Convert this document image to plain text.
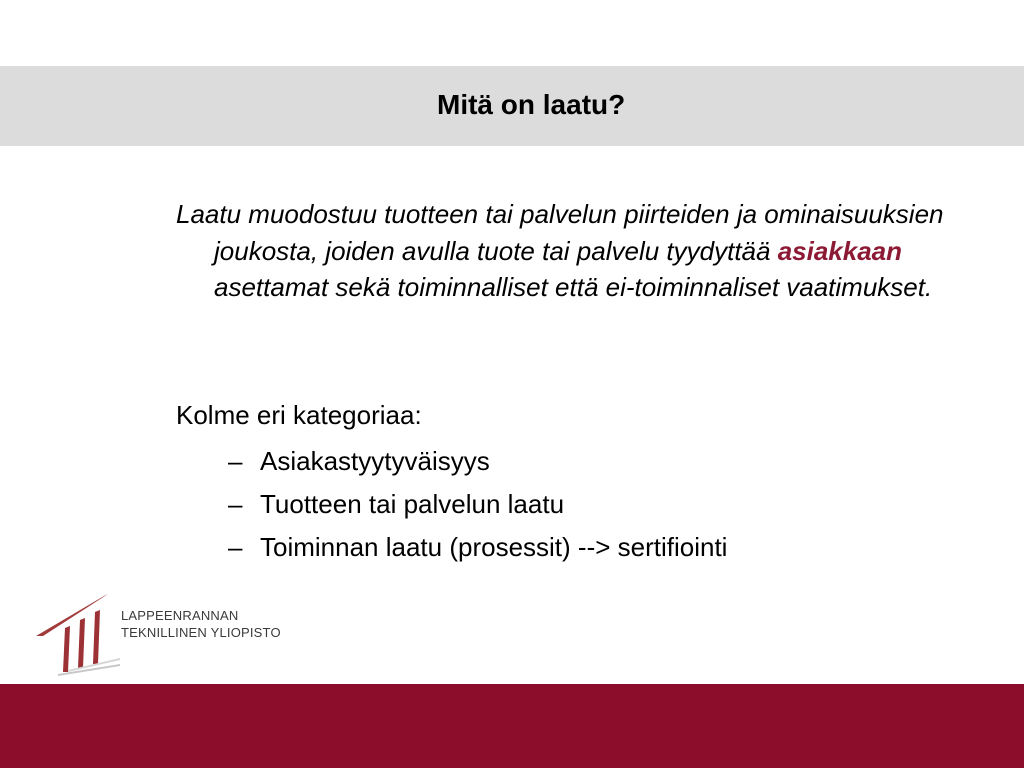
Mitä on laatu?

Laatu muodostuu tuotteen tai palvelun piirteiden ja ominaisuuksien joukosta, joiden avulla tuote tai palvelu tyydyttää asiakkaan asettamat sekä toiminnalliset että ei-toiminnaliset vaatimukset.

Kolme eri kategoriaa:

– Asiakastyytyväisyys
– Tuotteen tai palvelun laatu
– Toiminnan laatu (prosessit) --> sertifiointi
LAPPEENRANNAN
TEKNILLINEN YLIOPISTO
